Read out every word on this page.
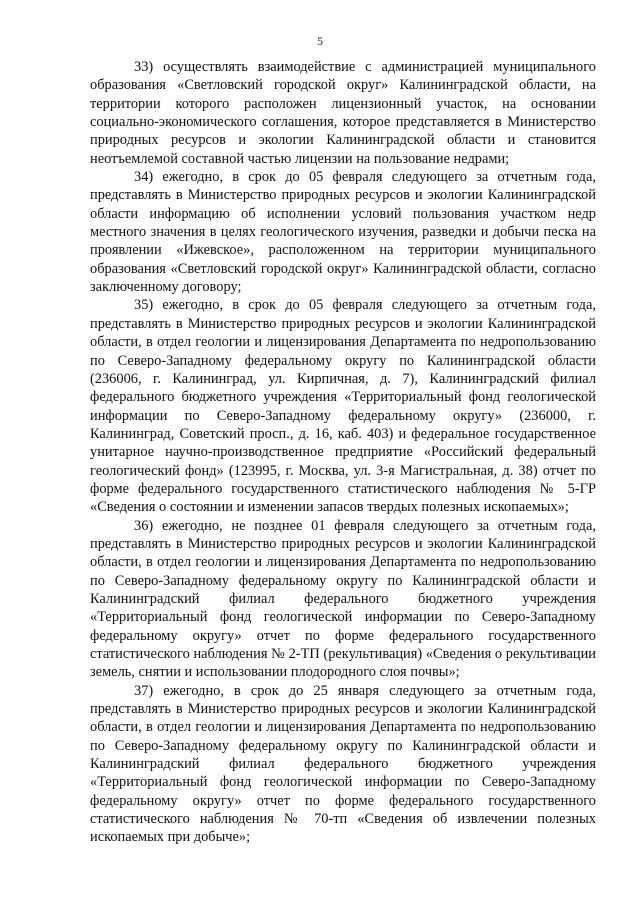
5

33) осуществлять взаимодействие с администрацией муниципального образования «Светловский городской округ» Калининградской области, на территории которого расположен лицензионный участок, на основании социально-экономического соглашения, которое представляется в Министерство природных ресурсов и экологии Калининградской области и становится неотъемлемой составной частью лицензии на пользование недрами;

34) ежегодно, в срок до 05 февраля следующего за отчетным года, представлять в Министерство природных ресурсов и экологии Калининградской области информацию об исполнении условий пользования участком недр местного значения в целях геологического изучения, разведки и добычи песка на проявлении «Ижевское», расположенном на территории муниципального образования «Светловский городской округ» Калининградской области, согласно заключенному договору;

35) ежегодно, в срок до 05 февраля следующего за отчетным года, представлять в Министерство природных ресурсов и экологии Калининградской области, в отдел геологии и лицензирования Департамента по недропользованию по Северо-Западному федеральному округу по Калининградской области (236006, г. Калининград, ул. Кирпичная, д. 7), Калининградский филиал федерального бюджетного учреждения «Территориальный фонд геологической информации по Северо-Западному федеральному округу» (236000, г. Калининград, Советский просп., д. 16, каб. 403) и федеральное государственное унитарное научно-производственное предприятие «Российский федеральный геологический фонд» (123995, г. Москва, ул. 3-я Магистральная, д. 38) отчет по форме федерального государственного статистического наблюдения № 5-ГР «Сведения о состоянии и изменении запасов твердых полезных ископаемых»;

36) ежегодно, не позднее 01 февраля следующего за отчетным года, представлять в Министерство природных ресурсов и экологии Калининградской области, в отдел геологии и лицензирования Департамента по недропользованию по Северо-Западному федеральному округу по Калининградской области и Калининградский филиал федерального бюджетного учреждения «Территориальный фонд геологической информации по Северо-Западному федеральному округу» отчет по форме федерального государственного статистического наблюдения № 2-ТП (рекультивация) «Сведения о рекультивации земель, снятии и использовании плодородного слоя почвы»;

37) ежегодно, в срок до 25 января следующего за отчетным года, представлять в Министерство природных ресурсов и экологии Калининградской области, в отдел геологии и лицензирования Департамента по недропользованию по Северо-Западному федеральному округу по Калининградской области и Калининградский филиал федерального бюджетного учреждения «Территориальный фонд геологической информации по Северо-Западному федеральному округу» отчет по форме федерального государственного статистического наблюдения № 70-тп «Сведения об извлечении полезных ископаемых при добыче»;
